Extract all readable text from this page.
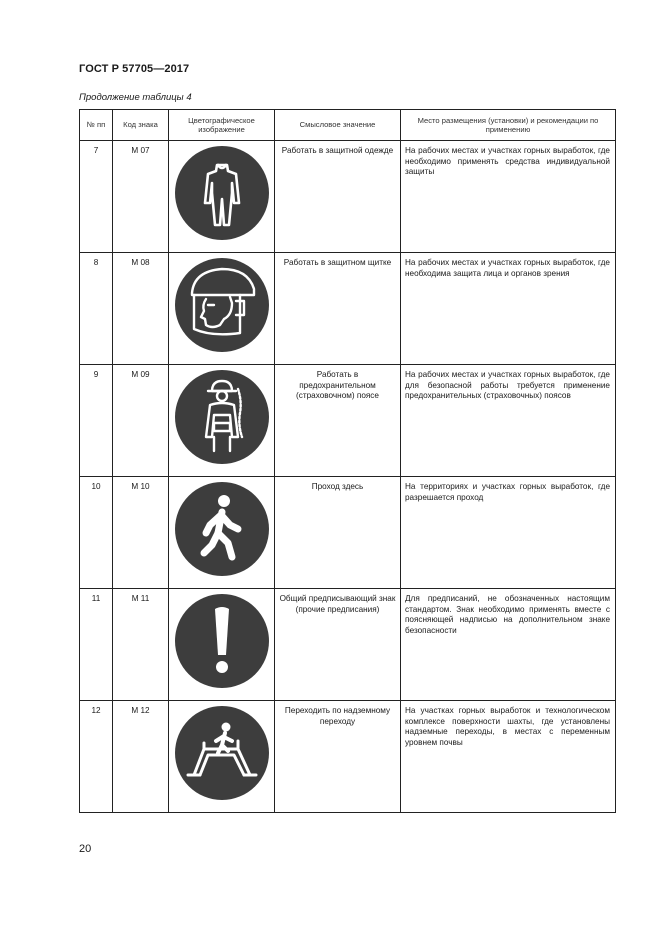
ГОСТ Р 57705—2017
Продолжение таблицы 4
№ пп	Код знака	Цветографическое изображение	Смысловое значение	Место размещения (установки) и рекомендации по применению
7	М 07		Работать в защитной одежде	На рабочих местах и участках горных выработок, где необходимо применять средства индивидуальной защиты
8	М 08		Работать в защитном щитке	На рабочих местах и участках горных выработок, где необходима защита лица и органов зрения
9	М 09		Работать в предохранительном (страховочном) поясе	На рабочих местах и участках горных выработок, где для безопасной работы требуется применение предохранительных (страховочных) поясов
10	М 10		Проход здесь	На территориях и участках горных выработок, где разрешается проход
11	М 11		Общий предписывающий знак (прочие предписания)	Для предписаний, не обозначенных настоящим стандартом. Знак необходимо применять вместе с поясняющей надписью на дополнительном знаке безопасности
12	М 12		Переходить по надземному переходу	На участках горных выработок и технологическом комплексе поверхности шахты, где установлены надземные переходы, в местах с переменным уровнем почвы
20
